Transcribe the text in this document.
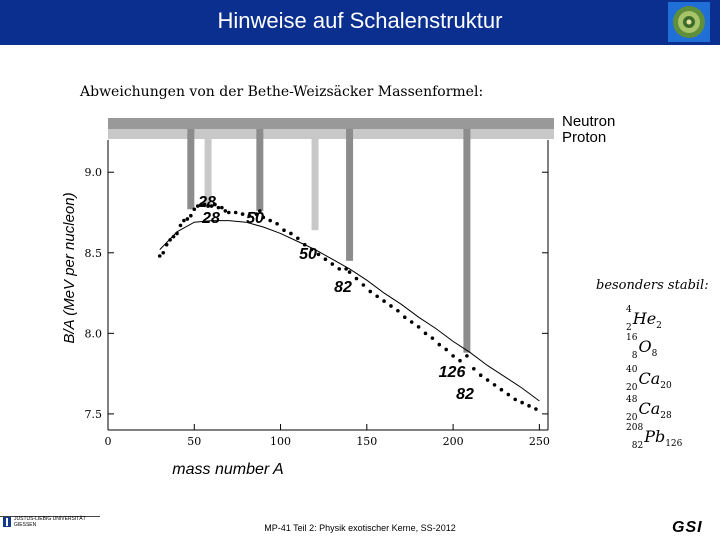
Hinweise auf Schalenstruktur
Abweichungen von der Bethe-Weizsäcker Massenformel:
0	50	100	150	200	250
7.5
8.0
8.5
9.0
mass number A
B/A (MeV per nucleon)	28
28 50
50
82
126
82
Neutron
Proton
besonders stabil:
$^4$
$_2He_2$
$^{16}$
$_8O_8$
$^{40}$
$_{20}Ca_{20}$
$^{48}$
$_{20}Ca_{28}$
$^{208}$
$_{82}Pb_{126}$
JUSTUS-LIEBIG UNIVERSITÄT GIESSEN	MP-41 Teil 2: Physik exotischer Kerne, SS-2012	GSI
